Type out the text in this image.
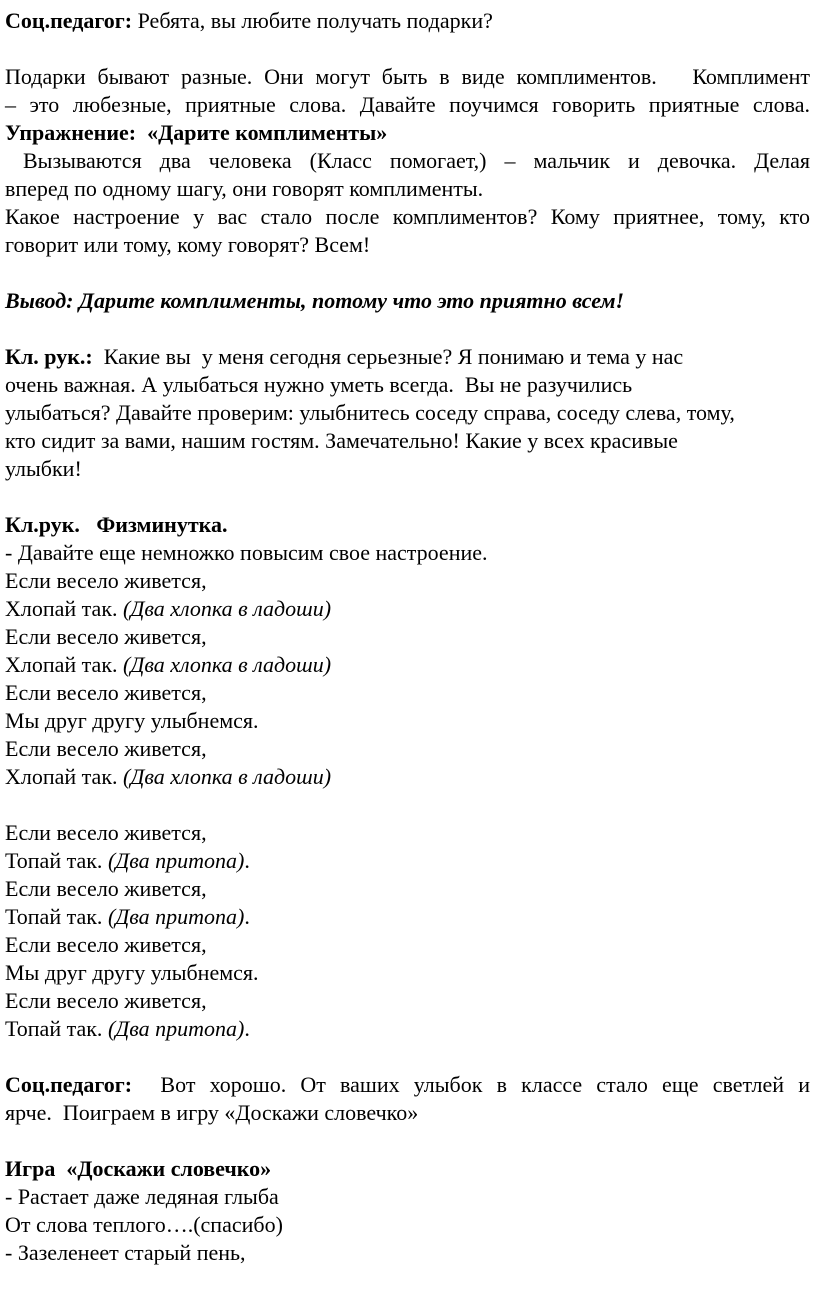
Соц.педагог: Ребята, вы любите получать подарки?
Подарки бывают разные. Они могут быть в виде комплиментов.   Комплимент
– это любезные, приятные слова. Давайте поучимся говорить приятные слова.
Упражнение:  «Дарите комплименты»
Вызываются два человека (Класс помогает,) – мальчик и девочка. Делая
вперед по одному шагу, они говорят комплименты.
Какое настроение у вас стало после комплиментов? Кому приятнее, тому, кто
говорит или тому, кому говорят? Всем!
Вывод: Дарите комплименты, потому что это приятно всем!
Кл. рук.:  Какие вы  у меня сегодня серьезные? Я понимаю и тема у нас
очень важная. А улыбаться нужно уметь всегда.  Вы не разучились
улыбаться? Давайте проверим: улыбнитесь соседу справа, соседу слева, тому,
кто сидит за вами, нашим гостям. Замечательно! Какие у всех красивые
улыбки!
Кл.рук.   Физминутка.
- Давайте еще немножко повысим свое настроение.
Если весело живется,
Хлопай так. (Два хлопка в ладоши)
Если весело живется,
Хлопай так. (Два хлопка в ладоши)
Если весело живется,
Мы друг другу улыбнемся.
Если весело живется,
Хлопай так. (Два хлопка в ладоши)
Если весело живется,
Топай так. (Два притопа).
Если весело живется,
Топай так. (Два притопа).
Если весело живется,
Мы друг другу улыбнемся.
Если весело живется,
Топай так. (Два притопа).
Соц.педагог:  Вот хорошо. От ваших улыбок в классе стало еще светлей и
ярче.  Поиграем в игру «Доскажи словечко»
Игра  «Доскажи словечко»
- Растает даже ледяная глыба
От слова теплого….(спасибо)
- Зазеленеет старый пень,
